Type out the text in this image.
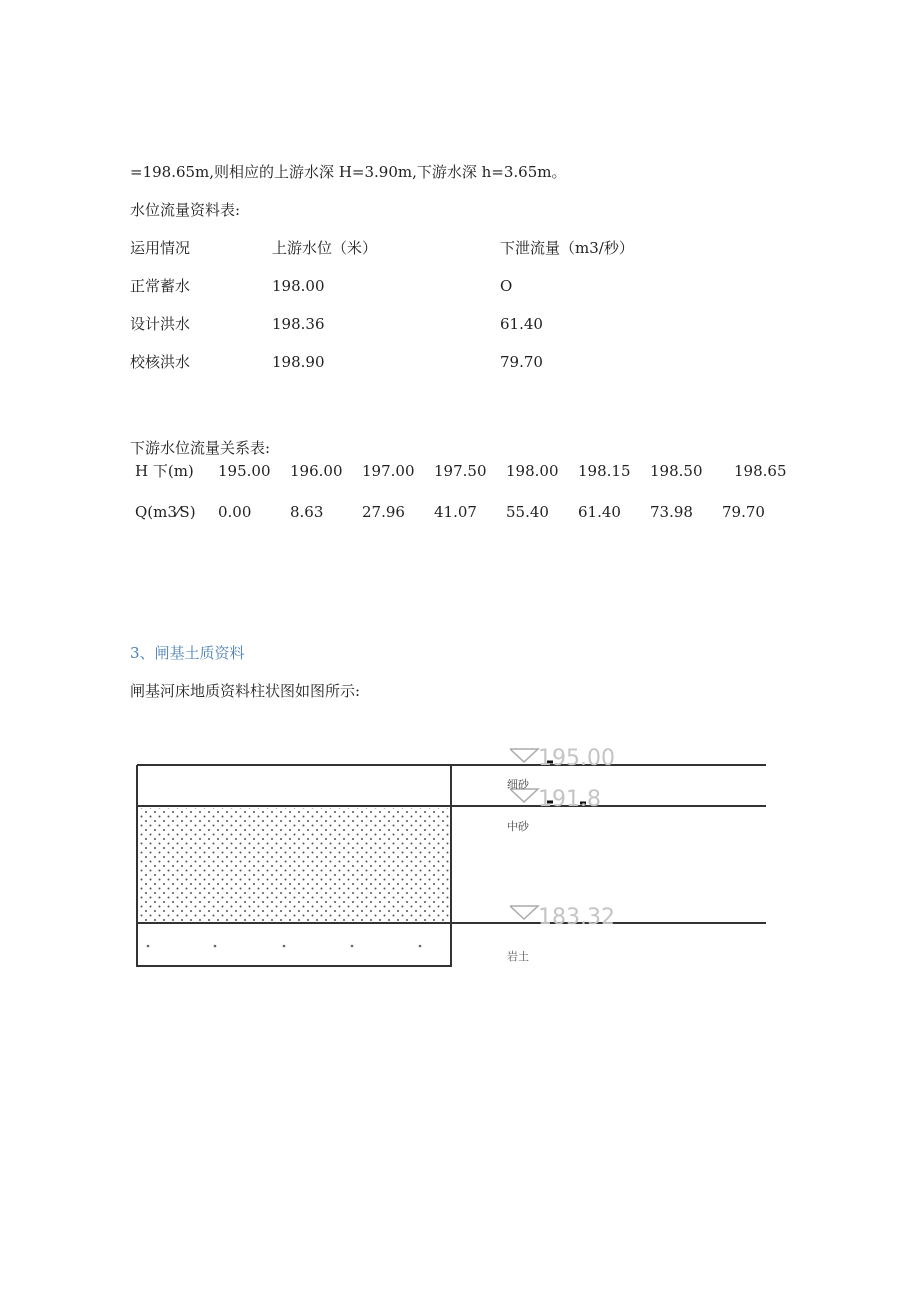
=198.65m,则相应的上游水深 H=3.90m,下游水深 h=3.65m。
水位流量资料表:
运用情况	上游水位（米）	下泄流量（m3/秒）
正常蓄水	198.00	O
设计洪水	198.36	61.40
校核洪水	198.90	79.70
下游水位流量关系表:
H 下(m) 195.00 196.00 197.00 197.50 198.00 198.15 198.50 198.65
Q(m3⁄S) 0.00	8.63	27.96 41.07 55.40 61.40 73.98 79.70
3、闸基土质资料
闸基河床地质资料柱状图如图所示:
195.00
191.8
183.32
细砂
中砂
岩土
